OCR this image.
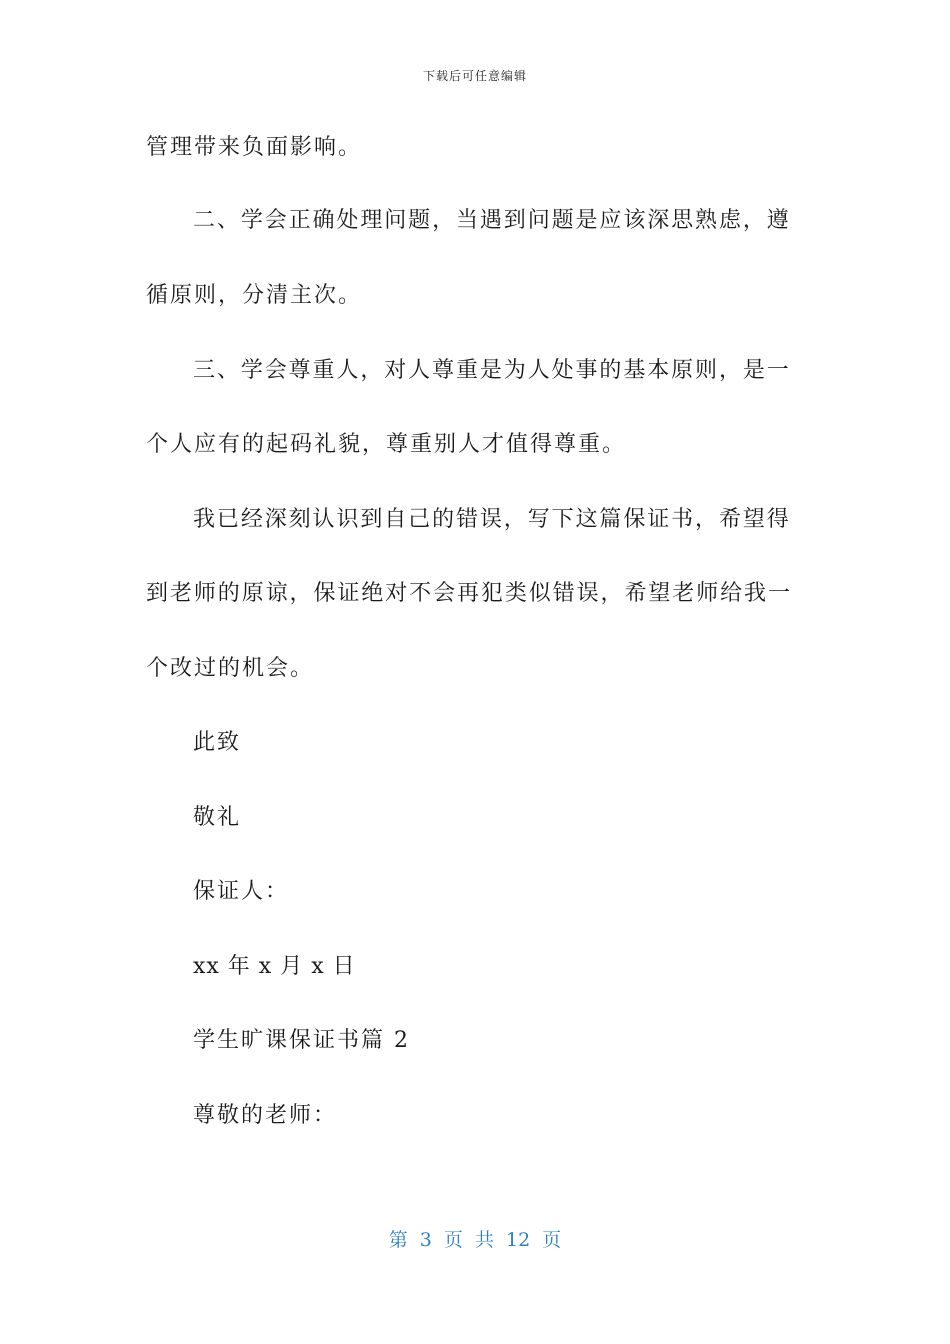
下载后可任意编辑
管理带来负面影响。
二 、 学 会 正 确 处 理 问 题 ， 当 遇 到 问 题 是 应 该 深 思 熟 虑 ， 遵
循原则，分清主次。
三 、 学 会 尊 重 人 ， 对 人 尊 重 是 为 人 处 事 的 基 本 原 则 ， 是 一
个人应有的起码礼貌，尊重别人才值得尊重。
我 已 经 深 刻 认 识 到 自 己 的 错 误 ， 写 下 这 篇 保 证 书 ， 希 望 得
到 老 师 的 原 谅 ， 保 证 绝 对 不 会 再 犯 类 似 错 误 ， 希 望 老 师 给 我 一
个改过的机会。
此致
敬礼
保证人：
xx 年 x 月 x 日
学生旷课保证书篇 2
尊敬的老师：
第 3 页 共 12 页
